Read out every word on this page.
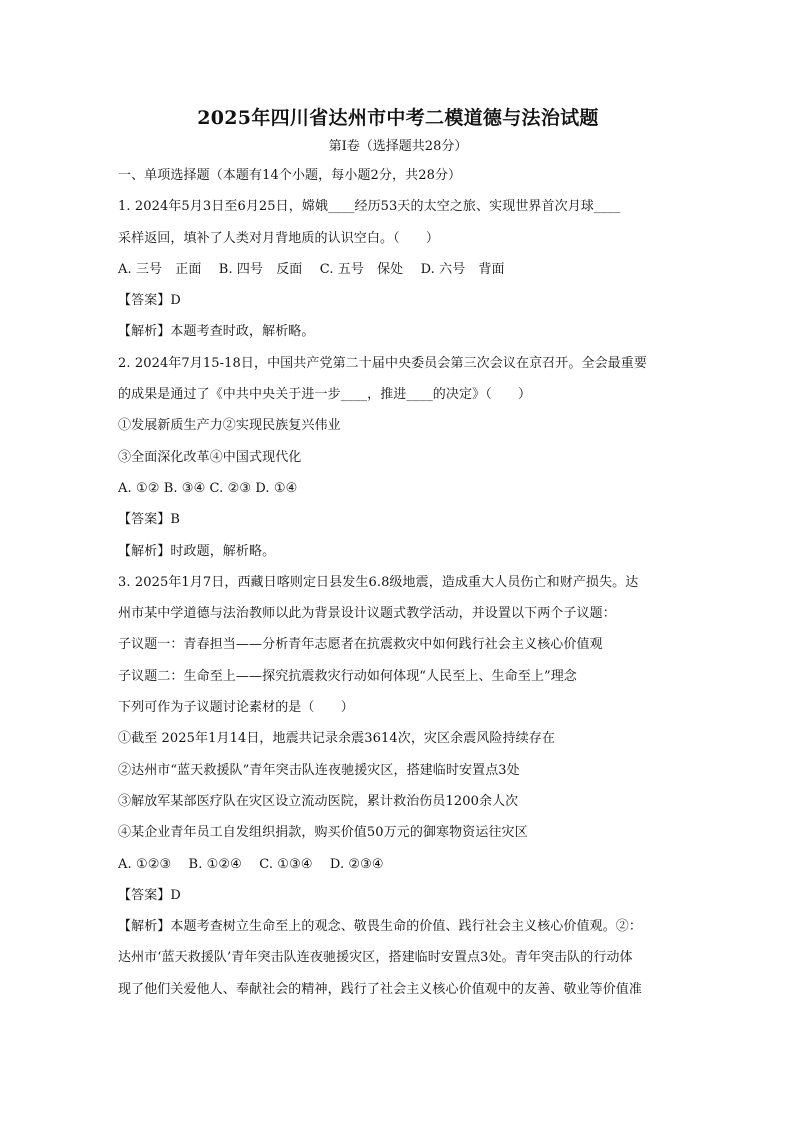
2025年四川省达州市中考二模道德与法治试题

第Ⅰ卷（选择题共28分）

一、单项选择题（本题有14个小题，每小题2分，共28分）

1. 2024年5月3日至6月25日，嫦娥____经历53天的太空之旅、实现世界首次月球____

采样返回，填补了人类对月背地质的认识空白。（　　）

A. 三号　正面　 B. 四号　反面　 C. 五号　保处　 D. 六号　背面

【答案】D

【解析】本题考查时政，解析略。

2. 2024年7月15-18日，中国共产党第二十届中央委员会第三次会议在京召开。全会最重要

的成果是通过了《中共中央关于进一步____，推进____的决定》（　　）

①发展新质生产力②实现民族复兴伟业

③全面深化改革④中国式现代化

A. ①② B. ③④ C. ②③ D. ①④

【答案】B

【解析】时政题，解析略。

3. 2025年1月7日，西藏日喀则定日县发生6.8级地震，造成重大人员伤亡和财产损失。达

州市某中学道德与法治教师以此为背景设计议题式教学活动，并设置以下两个子议题：

子议题一：青春担当——分析青年志愿者在抗震救灾中如何践行社会主义核心价值观

子议题二：生命至上——探究抗震救灾行动如何体现“人民至上、生命至上”理念

下列可作为子议题讨论素材的是（　　）

①截至 2025年1月14日，地震共记录余震3614次，灾区余震风险持续存在

②达州市“蓝天救援队”青年突击队连夜驰援灾区，搭建临时安置点3处

③解放军某部医疗队在灾区设立流动医院，累计救治伤员1200余人次

④某企业青年员工自发组织捐款，购买价值50万元的御寒物资运往灾区

A. ①②③　 B. ①②④　 C. ①③④　 D. ②③④

【答案】D

【解析】本题考查树立生命至上的观念、敬畏生命的价值、践行社会主义核心价值观。②：

达州市‘蓝天救援队’青年突击队连夜驰援灾区，搭建临时安置点3处。青年突击队的行动体

现了他们关爱他人、奉献社会的精神，践行了社会主义核心价值观中的友善、敬业等价值准
